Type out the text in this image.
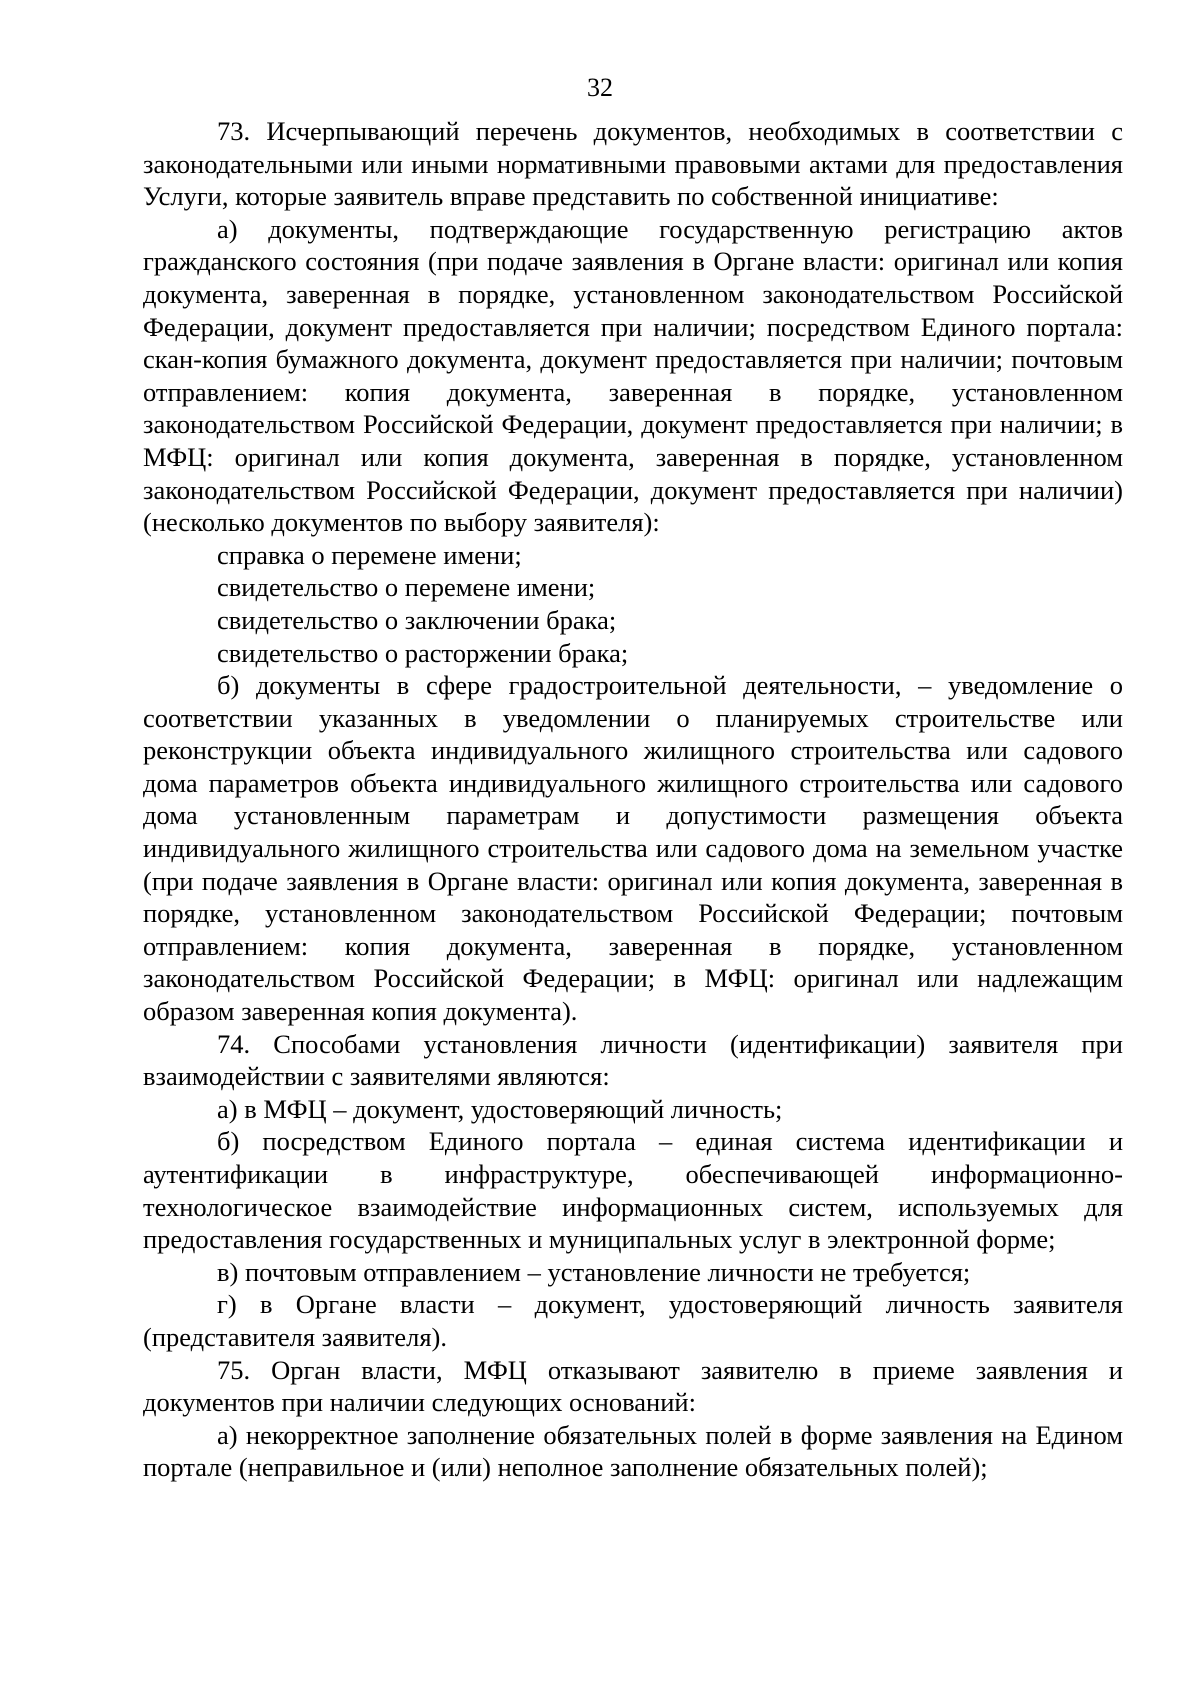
32

73. Исчерпывающий перечень документов, необходимых в соответствии с законодательными или иными нормативными правовыми актами для предоставления Услуги, которые заявитель вправе представить по собственной инициативе:

а) документы, подтверждающие государственную регистрацию актов гражданского состояния (при подаче заявления в Органе власти: оригинал или копия документа, заверенная в порядке, установленном законодательством Российской Федерации, документ предоставляется при наличии; посредством Единого портала: скан-копия бумажного документа, документ предоставляется при наличии; почтовым отправлением: копия документа, заверенная в порядке, установленном законодательством Российской Федерации, документ предоставляется при наличии; в МФЦ: оригинал или копия документа, заверенная в порядке, установленном законодательством Российской Федерации, документ предоставляется при наличии) (несколько документов по выбору заявителя):

справка о перемене имени;

свидетельство о перемене имени;

свидетельство о заключении брака;

свидетельство о расторжении брака;

б) документы в сфере градостроительной деятельности, – уведомление о соответствии указанных в уведомлении о планируемых строительстве или реконструкции объекта индивидуального жилищного строительства или садового дома параметров объекта индивидуального жилищного строительства или садового дома установленным параметрам и допустимости размещения объекта индивидуального жилищного строительства или садового дома на земельном участке (при подаче заявления в Органе власти: оригинал или копия документа, заверенная в порядке, установленном законодательством Российской Федерации; почтовым отправлением: копия документа, заверенная в порядке, установленном законодательством Российской Федерации; в МФЦ: оригинал или надлежащим образом заверенная копия документа).

74. Способами установления личности (идентификации) заявителя при взаимодействии с заявителями являются:

а) в МФЦ – документ, удостоверяющий личность;

б) посредством Единого портала – единая система идентификации и аутентификации в инфраструктуре, обеспечивающей информационно-технологическое взаимодействие информационных систем, используемых для предоставления государственных и муниципальных услуг в электронной форме;

в) почтовым отправлением – установление личности не требуется;

г) в Органе власти – документ, удостоверяющий личность заявителя (представителя заявителя).

75. Орган власти, МФЦ отказывают заявителю в приеме заявления и документов при наличии следующих оснований:

а) некорректное заполнение обязательных полей в форме заявления на Едином портале (неправильное и (или) неполное заполнение обязательных полей);
